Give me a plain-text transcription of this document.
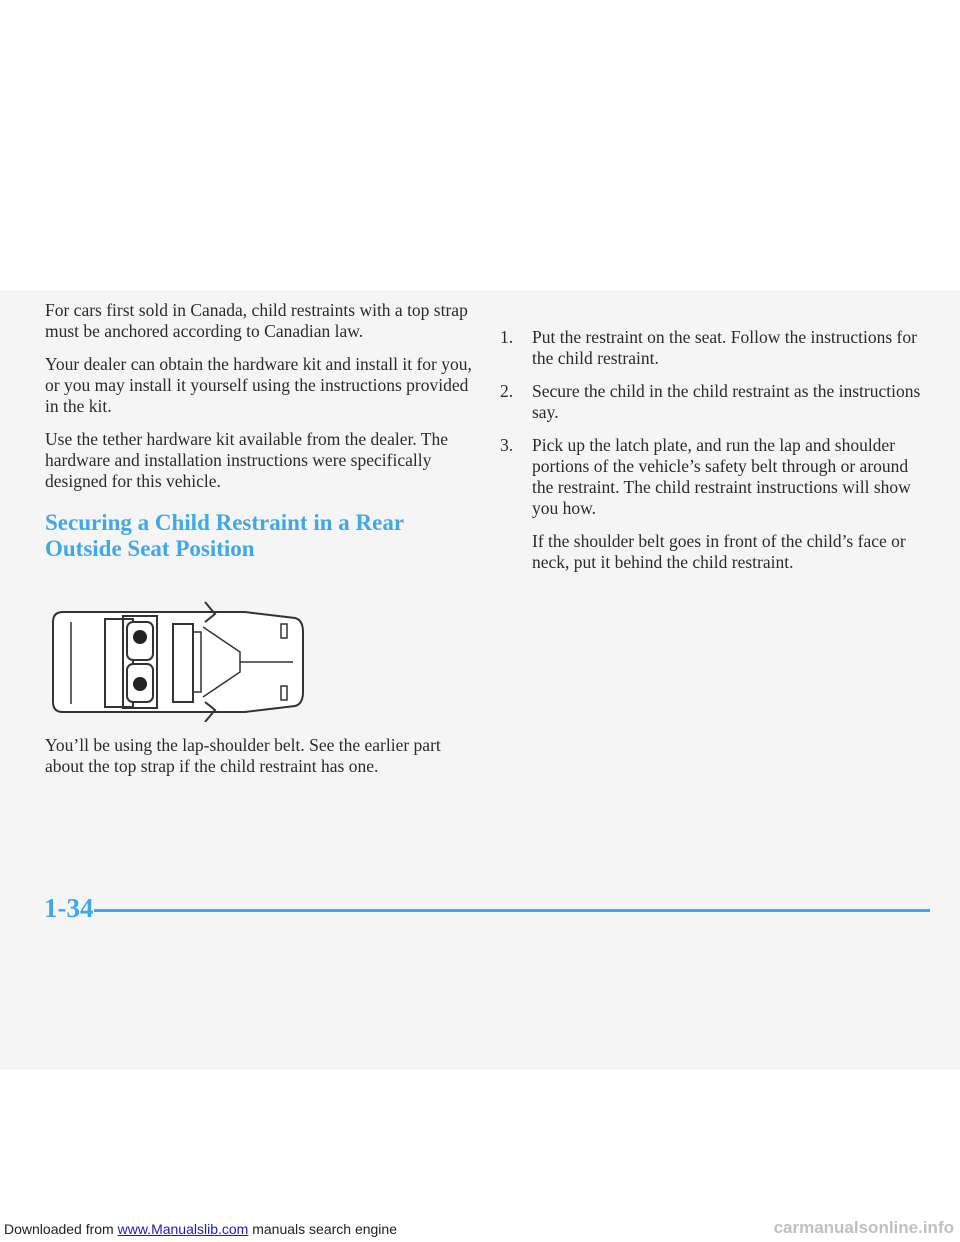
For cars first sold in Canada, child restraints with a top strap must be anchored according to Canadian law.

Your dealer can obtain the hardware kit and install it for you, or you may install it yourself using the instructions provided in the kit.

Use the tether hardware kit available from the dealer. The hardware and installation instructions were specifically designed for this vehicle.

Securing a Child Restraint in a Rear Outside Seat Position

You’ll be using the lap-shoulder belt. See the earlier part about the top strap if the child restraint has one.

1. Put the restraint on the seat. Follow the instructions for the child restraint.
2. Secure the child in the child restraint as the instructions say.
3. Pick up the latch plate, and run the lap and shoulder portions of the vehicle’s safety belt through or around the restraint. The child restraint instructions will show you how.

If the shoulder belt goes in front of the child’s face or neck, put it behind the child restraint.

1-34
Downloaded from www.Manualslib.com manuals search engine	carmanualsonline.info
